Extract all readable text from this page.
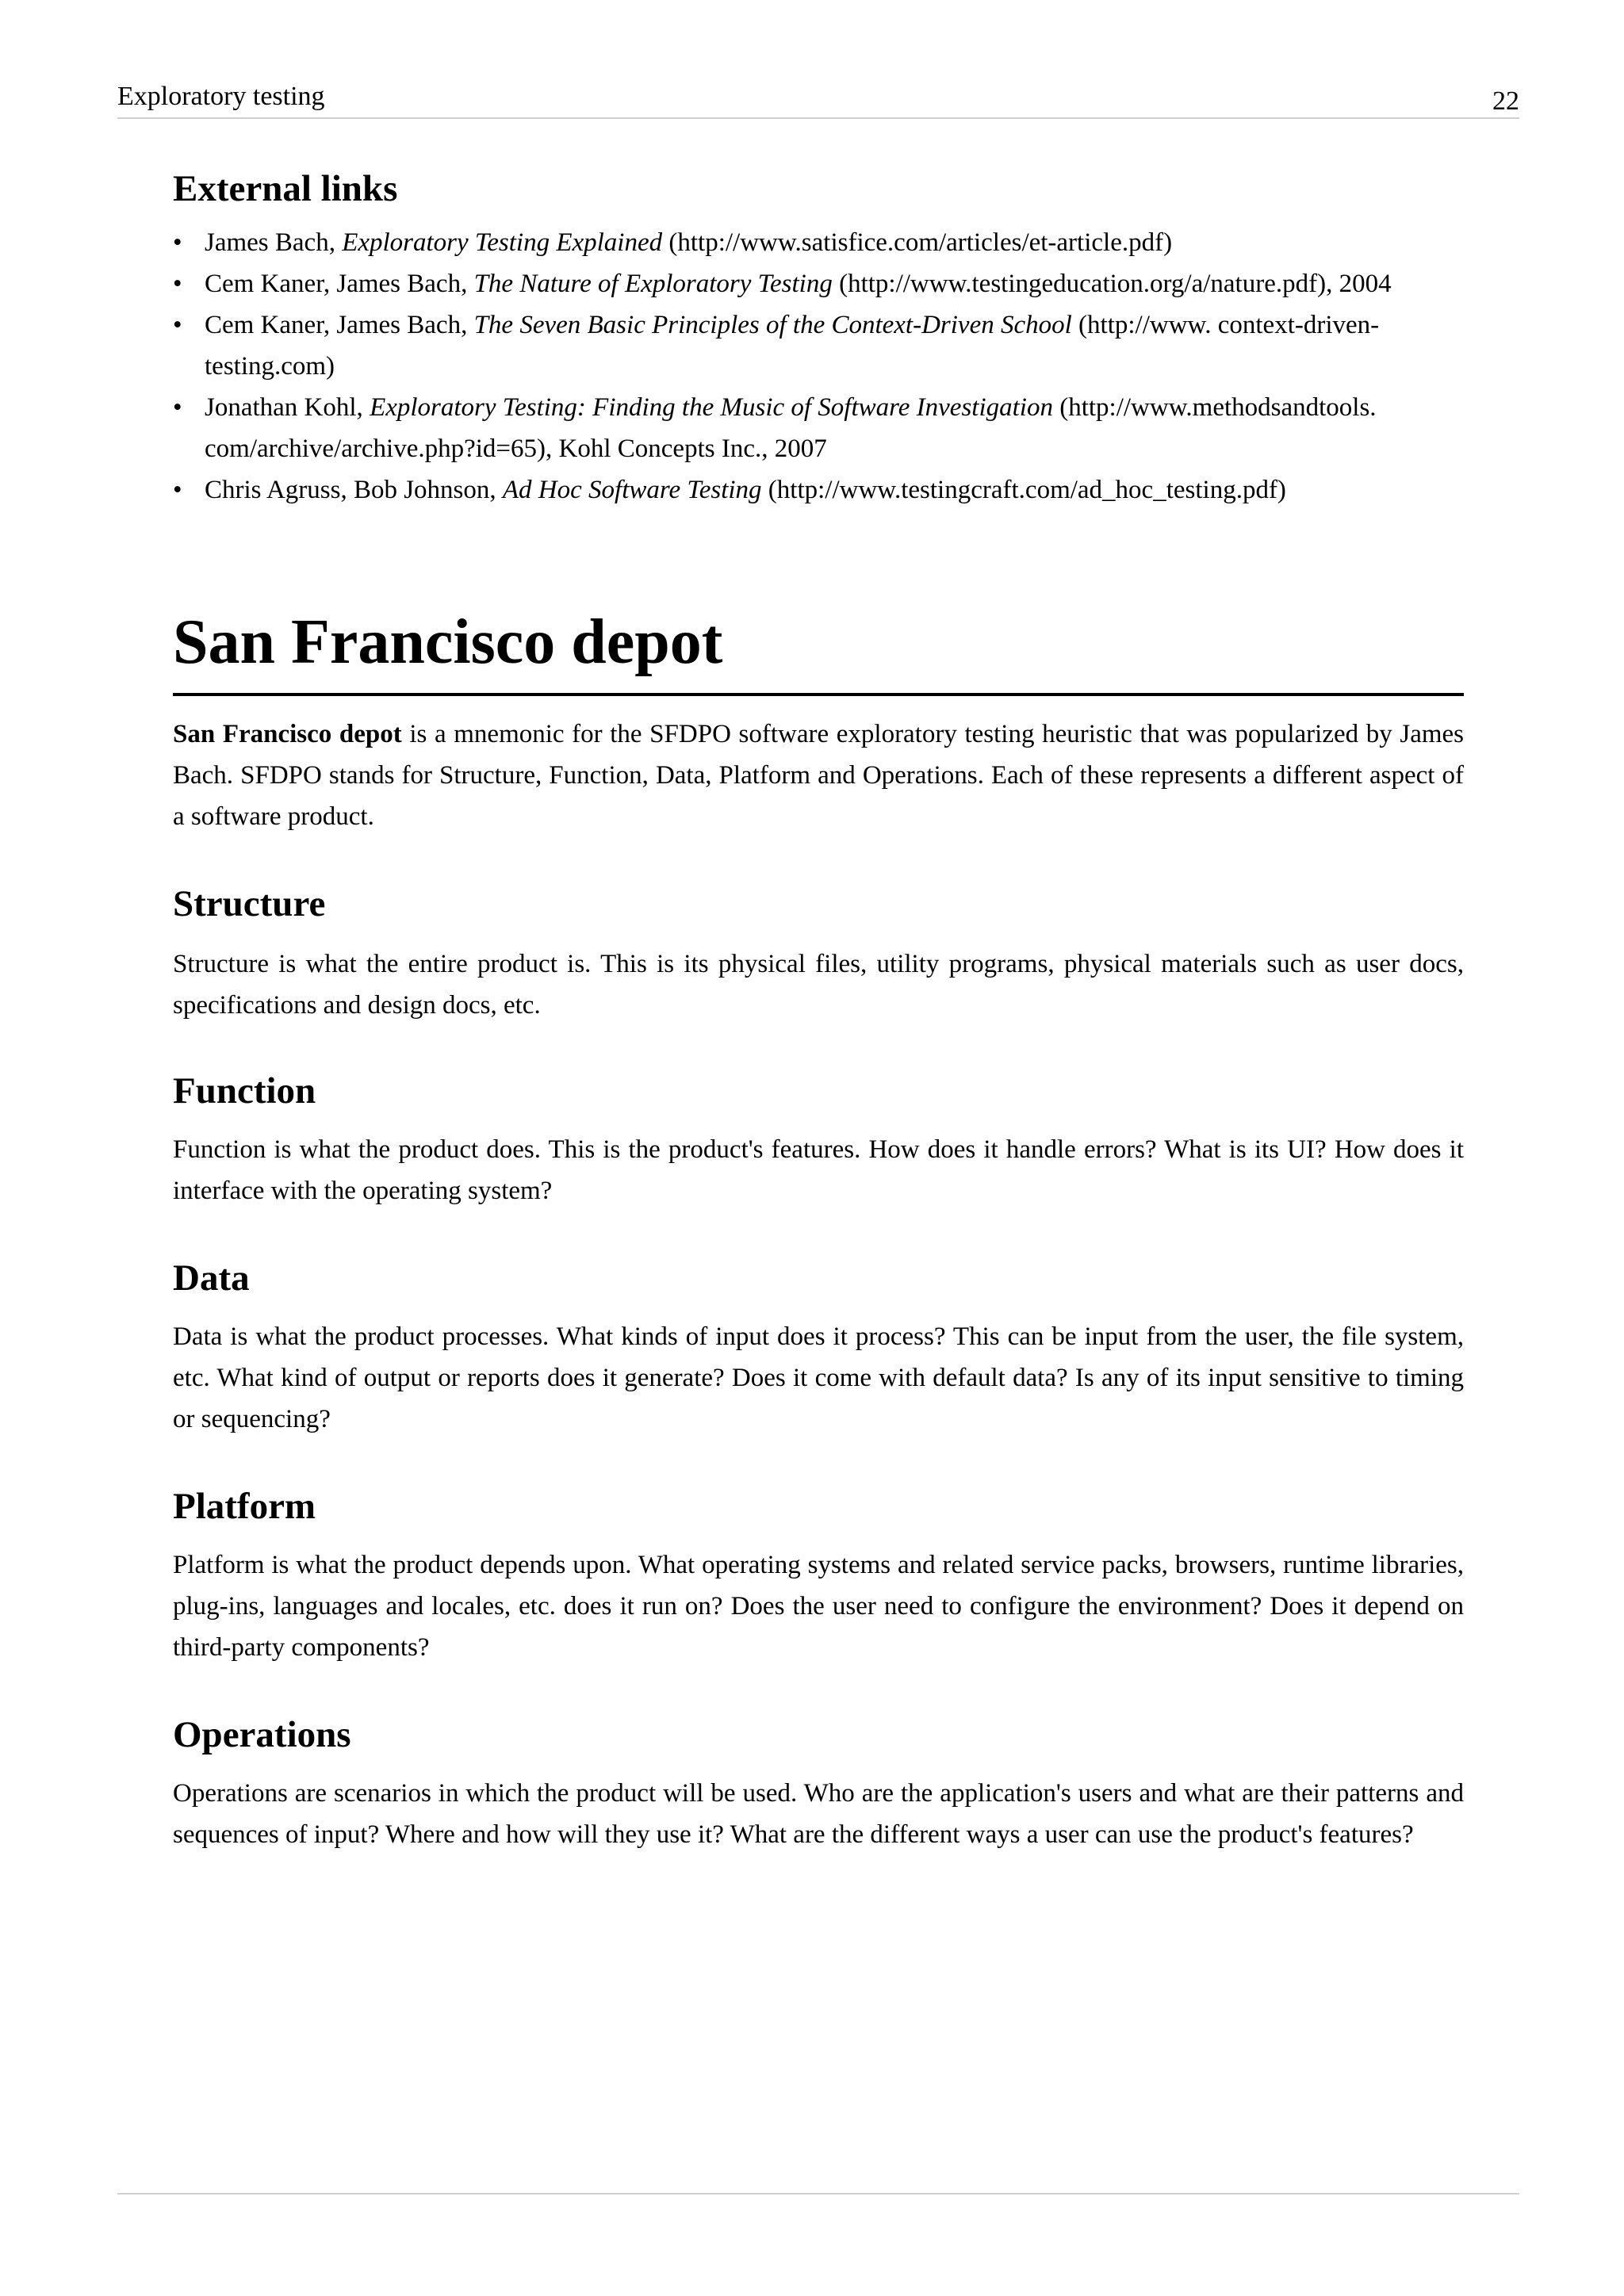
Exploratory testing	22
External links
• James Bach, Exploratory Testing Explained (http://www.satisfice.com/articles/et-article.pdf)
• Cem Kaner, James Bach, The Nature of Exploratory Testing (http://www.testingeducation.org/a/nature.pdf), 2004
• Cem Kaner, James Bach, The Seven Basic Principles of the Context-Driven School (http://www. context-driven-testing.com)
• Jonathan Kohl, Exploratory Testing: Finding the Music of Software Investigation (http://www.methodsandtools. com/archive/archive.php?id=65), Kohl Concepts Inc., 2007
• Chris Agruss, Bob Johnson, Ad Hoc Software Testing (http://www.testingcraft.com/ad_hoc_testing.pdf)
San Francisco depot

San Francisco depot is a mnemonic for the SFDPO software exploratory testing heuristic that was popularized by James Bach. SFDPO stands for Structure, Function, Data, Platform and Operations. Each of these represents a different aspect of a software product.

Structure

Structure is what the entire product is. This is its physical files, utility programs, physical materials such as user docs, specifications and design docs, etc.

Function

Function is what the product does. This is the product's features. How does it handle errors? What is its UI? How does it interface with the operating system?

Data

Data is what the product processes. What kinds of input does it process? This can be input from the user, the file system, etc. What kind of output or reports does it generate? Does it come with default data? Is any of its input sensitive to timing or sequencing?

Platform

Platform is what the product depends upon. What operating systems and related service packs, browsers, runtime libraries, plug-ins, languages and locales, etc. does it run on? Does the user need to configure the environment? Does it depend on third-party components?

Operations

Operations are scenarios in which the product will be used. Who are the application's users and what are their patterns and sequences of input? Where and how will they use it? What are the different ways a user can use the product's features?
